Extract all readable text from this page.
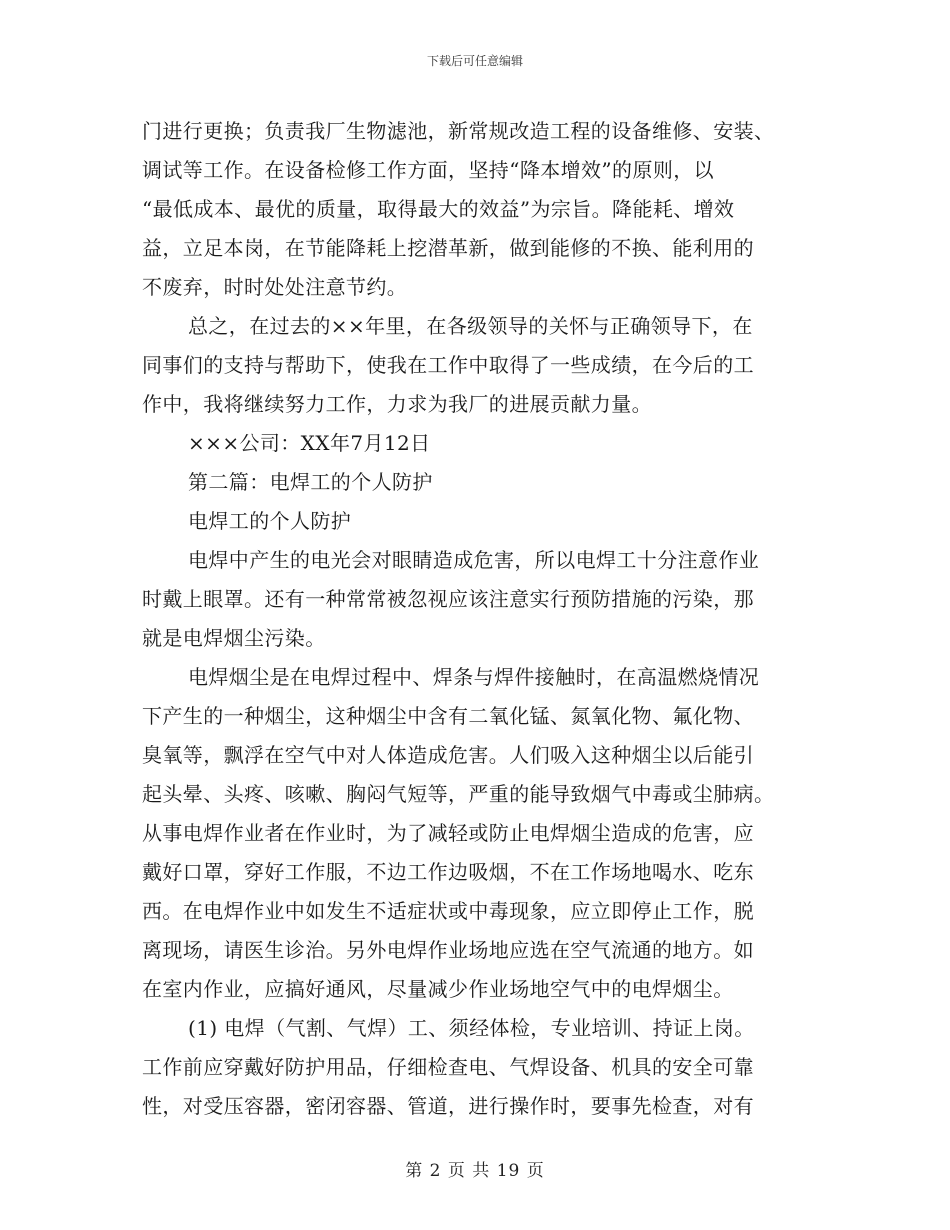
下载后可任意编辑
门进行更换；负责我厂生物滤池，新常规改造工程的设备维修、安装、
调试等工作。在设备检修工作方面，坚持“降本增效”的原则，以
“最低成本、最优的质量，取得最大的效益”为宗旨。降能耗、增效
益，立足本岗，在节能降耗上挖潜革新，做到能修的不换、能利用的
不废弃，时时处处注意节约。
总之，在过去的××年里，在各级领导的关怀与正确领导下，在
同事们的支持与帮助下，使我在工作中取得了一些成绩，在今后的工
作中，我将继续努力工作，力求为我厂的进展贡献力量。
×××公司：XX年7月12日
第二篇：电焊工的个人防护
电焊工的个人防护
电焊中产生的电光会对眼睛造成危害，所以电焊工十分注意作业
时戴上眼罩。还有一种常常被忽视应该注意实行预防措施的污染，那
就是电焊烟尘污染。
电焊烟尘是在电焊过程中、焊条与焊件接触时，在高温燃烧情况
下产生的一种烟尘，这种烟尘中含有二氧化锰、氮氧化物、氟化物、
臭氧等，飘浮在空气中对人体造成危害。人们吸入这种烟尘以后能引
起头晕、头疼、咳嗽、胸闷气短等，严重的能导致烟气中毒或尘肺病。
从事电焊作业者在作业时，为了减轻或防止电焊烟尘造成的危害，应
戴好口罩，穿好工作服，不边工作边吸烟，不在工作场地喝水、吃东
西。在电焊作业中如发生不适症状或中毒现象，应立即停止工作，脱
离现场，请医生诊治。另外电焊作业场地应选在空气流通的地方。如
在室内作业，应搞好通风，尽量减少作业场地空气中的电焊烟尘。
(1) 电焊（气割、气焊）工、须经体检，专业培训、持证上岗。
工作前应穿戴好防护用品，仔细检查电、气焊设备、机具的安全可靠
性，对受压容器，密闭容器、管道，进行操作时，要事先检查，对有
第 2 页 共 19 页
